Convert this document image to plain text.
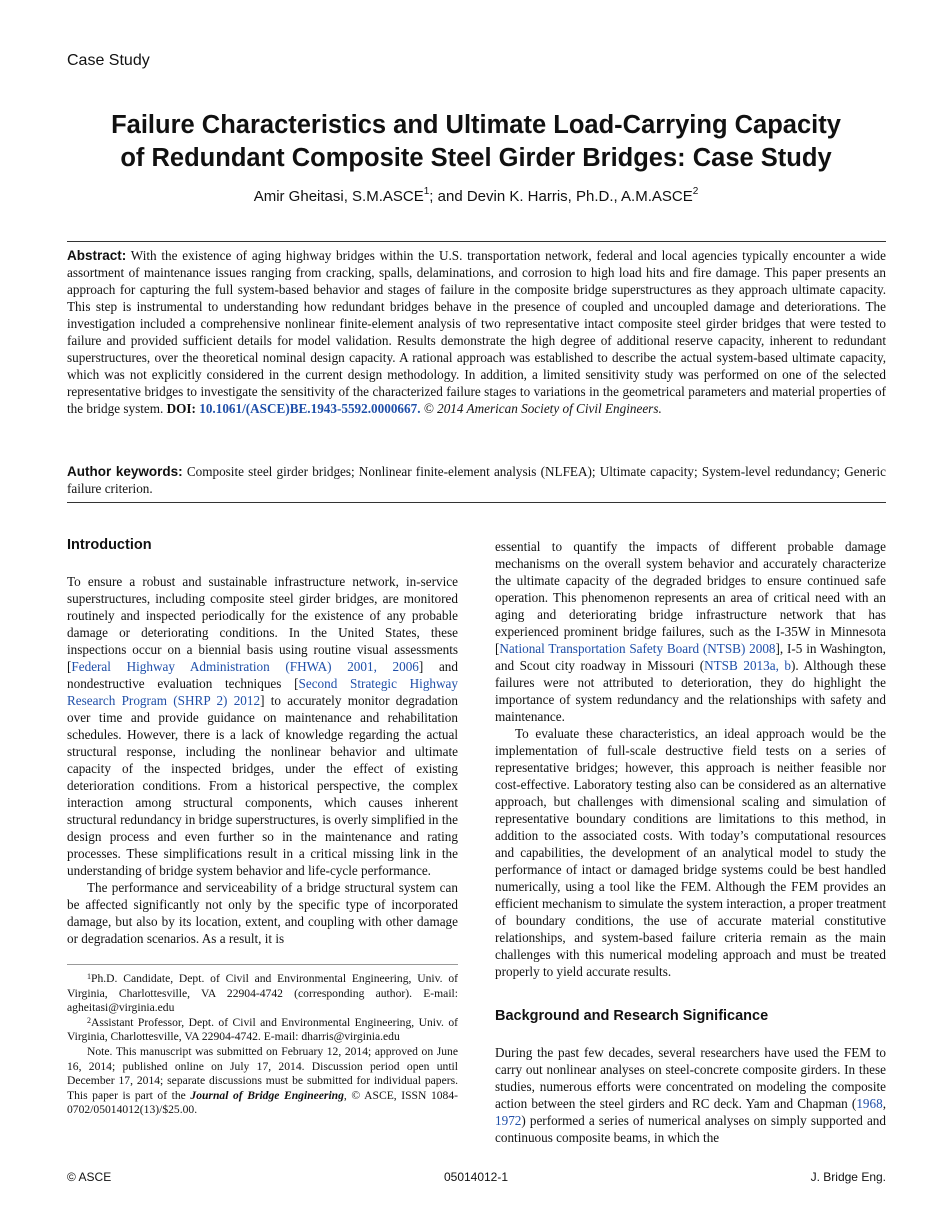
Case Study
Failure Characteristics and Ultimate Load-Carrying Capacity
of Redundant Composite Steel Girder Bridges: Case Study
Amir Gheitasi, S.M.ASCE$^1$; and Devin K. Harris, Ph.D., A.M.ASCE$^2$
Abstract: With the existence of aging highway bridges within the U.S. transportation network, federal and local agencies typically encounter a wide assortment of maintenance issues ranging from cracking, spalls, delaminations, and corrosion to high load hits and fire damage. This paper presents an approach for capturing the full system-based behavior and stages of failure in the composite bridge superstructures as they approach ultimate capacity. This step is instrumental to understanding how redundant bridges behave in the presence of coupled and uncoupled damage and deteriorations. The investigation included a comprehensive nonlinear finite-element analysis of two representative intact composite steel girder bridges that were tested to failure and provided sufficient details for model validation. Results demonstrate the high degree of additional reserve capacity, inherent to redundant superstructures, over the theoretical nominal design capacity. A rational approach was established to describe the actual system-based ultimate capacity, which was not explicitly considered in the current design methodology. In addition, a limited sensitivity study was performed on one of the selected representative bridges to investigate the sensitivity of the characterized failure stages to variations in the geometrical parameters and material properties of the bridge system. DOI: 10.1061/(ASCE)BE.1943-5592.0000667. © 2014 American Society of Civil Engineers.
Author keywords: Composite steel girder bridges; Nonlinear finite-element analysis (NLFEA); Ultimate capacity; System-level redundancy; Generic failure criterion.
Introduction

To ensure a robust and sustainable infrastructure network, in-service superstructures, including composite steel girder bridges, are monitored routinely and inspected periodically for the existence of any probable damage or deteriorating conditions. In the United States, these inspections occur on a biennial basis using routine visual assessments [Federal Highway Administration (FHWA) 2001, 2006] and nondestructive evaluation techniques [Second Strategic Highway Research Program (SHRP 2) 2012] to accurately monitor degradation over time and provide guidance on maintenance and rehabilitation schedules. However, there is a lack of knowledge regarding the actual structural response, including the nonlinear behavior and ultimate capacity of the inspected bridges, under the effect of existing deterioration conditions. From a historical perspective, the complex interaction among structural components, which causes inherent structural redundancy in bridge superstructures, is overly simplified in the design process and even further so in the maintenance and rating processes. These simplifications result in a critical missing link in the understanding of bridge system behavior and life-cycle performance.

The performance and serviceability of a bridge structural system can be affected significantly not only by the specific type of incorporated damage, but also by its location, extent, and coupling with other damage or degradation scenarios. As a result, it is

$^1$Ph.D. Candidate, Dept. of Civil and Environmental Engineering, Univ. of Virginia, Charlottesville, VA 22904-4742 (corresponding author). E-mail: agheitasi@virginia.edu

$^2$Assistant Professor, Dept. of Civil and Environmental Engineering, Univ. of Virginia, Charlottesville, VA 22904-4742. E-mail: dharris@virginia.edu

Note. This manuscript was submitted on February 12, 2014; approved on June 16, 2014; published online on July 17, 2014. Discussion period open until December 17, 2014; separate discussions must be submitted for individual papers. This paper is part of the Journal of Bridge Engineering, © ASCE, ISSN 1084-0702/05014012(13)/$25.00.

essential to quantify the impacts of different probable damage mechanisms on the overall system behavior and accurately characterize the ultimate capacity of the degraded bridges to ensure continued safe operation. This phenomenon represents an area of critical need with an aging and deteriorating bridge infrastructure network that has experienced prominent bridge failures, such as the I-35W in Minnesota [National Transportation Safety Board (NTSB) 2008], I-5 in Washington, and Scout city roadway in Missouri (NTSB 2013a, b). Although these failures were not attributed to deterioration, they do highlight the importance of system redundancy and the relationships with safety and maintenance.

To evaluate these characteristics, an ideal approach would be the implementation of full-scale destructive field tests on a series of representative bridges; however, this approach is neither feasible nor cost-effective. Laboratory testing also can be considered as an alternative approach, but challenges with dimensional scaling and simulation of representative boundary conditions are limitations to this method, in addition to the associated costs. With today’s computational resources and capabilities, the development of an analytical model to study the performance of intact or damaged bridge systems could be best handled numerically, using a tool like the FEM. Although the FEM provides an efficient mechanism to simulate the system interaction, a proper treatment of boundary conditions, the use of accurate material constitutive relationships, and system-based failure criteria remain as the main challenges with this numerical modeling approach and must be treated properly to yield accurate results.

Background and Research Significance

During the past few decades, several researchers have used the FEM to carry out nonlinear analyses on steel-concrete composite girders. In these studies, numerous efforts were concentrated on modeling the composite action between the steel girders and RC deck. Yam and Chapman (1968, 1972) performed a series of numerical analyses on simply supported and continuous composite beams, in which the

© ASCE	05014012-1	J. Bridge Eng.
